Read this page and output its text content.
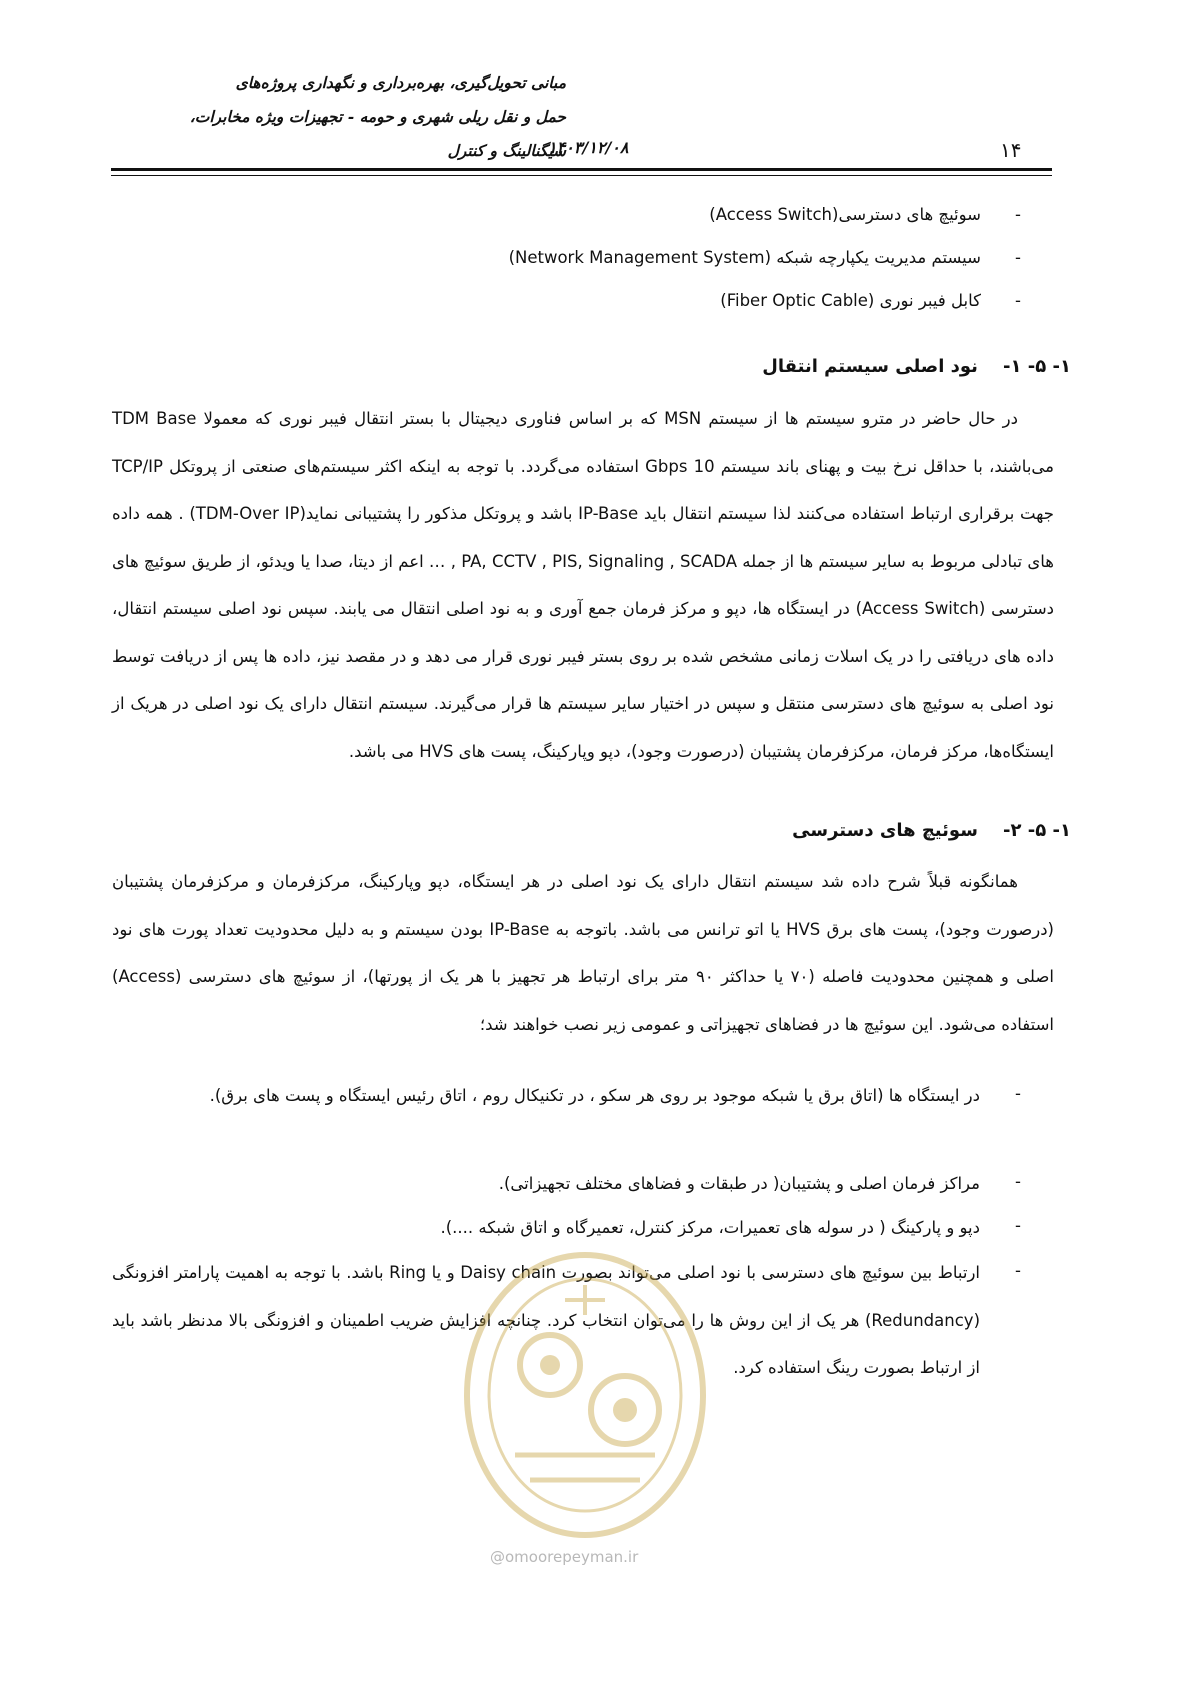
مبانی تحویل‌گیری، بهره‌برداری و نگهداری پروژه‌های
حمل و نقل ریلی شهری و حومه - تجهیزات ویژه مخابرات،
سیگنالینگ و کنترل
۱۴۰۳/۱۲/۰۸	۱۴
-
سوئیچ های دسترسی(Access Switch)
-
سیستم مدیریت یکپارچه شبکه (Network Management System)
-
کابل فیبر نوری (Fiber Optic Cable)
۱- ۵- ۱-    نود اصلی سیستم انتقال
در حال حاضر در مترو سیستم ها از سیستم MSN که بر اساس فناوری دیجیتال با بستر انتقال فیبر نوری که معمولا TDM Base می‌باشند، با حداقل نرخ بیت و پهنای باند سیستم 10 Gbps استفاده می‌گردد. با توجه به اینکه اکثر سیستم‌های صنعتی از پروتکل TCP/IP جهت برقراری ارتباط استفاده می‌کنند لذا سیستم انتقال باید IP-Base باشد و پروتکل مذکور را پشتیبانی نماید(TDM-Over IP) . همه داده های تبادلی مربوط به سایر سیستم ها از جمله PA, CCTV , PIS, Signaling , SCADA , … اعم از دیتا، صدا یا ویدئو، از طریق سوئیچ های دسترسی (Access Switch) در ایستگاه ها، دپو و مرکز فرمان جمع آوری و به نود اصلی انتقال می یابند. سپس نود اصلی سیستم انتقال، داده های دریافتی را در یک اسلات زمانی مشخص شده بر روی بستر فیبر نوری قرار می دهد و در مقصد نیز، داده ها پس از دریافت توسط نود اصلی به سوئیچ های دسترسی منتقل و سپس در اختیار سایر سیستم ها قرار می‌گیرند. سیستم انتقال دارای یک نود اصلی در هریک از ایستگاه‌ها، مرکز فرمان، مرکزفرمان پشتیبان (درصورت وجود)، دپو وپارکینگ، پست های HVS می باشد.
۱- ۵- ۲-    سوئیچ های دسترسی
همانگونه قبلاً شرح داده شد سیستم انتقال دارای یک نود اصلی در هر ایستگاه، دپو وپارکینگ، مرکزفرمان و مرکزفرمان پشتیبان (درصورت وجود)، پست های برق HVS یا اتو ترانس می باشد. باتوجه به IP-Base بودن سیستم و به دلیل محدودیت تعداد پورت های نود اصلی و همچنین محدودیت فاصله (۷۰ یا حداکثر ۹۰ متر برای ارتباط هر تجهیز با هر یک از پورتها)، از سوئیچ های دسترسی (Access) استفاده می‌شود. این سوئیچ ها در فضاهای تجهیزاتی و عمومی زیر نصب خواهند شد؛
-
در ایستگاه ها (اتاق برق یا شبکه موجود بر روی هر سکو ، در تکنیکال روم ، اتاق رئیس ایستگاه و پست های برق).
-
مراکز فرمان اصلی و پشتیبان( در طبقات و فضاهای مختلف تجهیزاتی).
-
دپو و پارکینگ ( در سوله های تعمیرات، مرکز کنترل، تعمیرگاه و اتاق شبکه ....).
-
ارتباط بین سوئیچ های دسترسی با نود اصلی می‌تواند بصورت Daisy chain و یا Ring باشد. با توجه به اهمیت پارامتر افزونگی (Redundancy) هر یک از این روش ها را می‌توان انتخاب کرد. چنانچه افزایش ضریب اطمینان و افزونگی بالا مدنظر باشد باید از ارتباط بصورت رینگ استفاده کرد.
@omoorepeyman.ir
